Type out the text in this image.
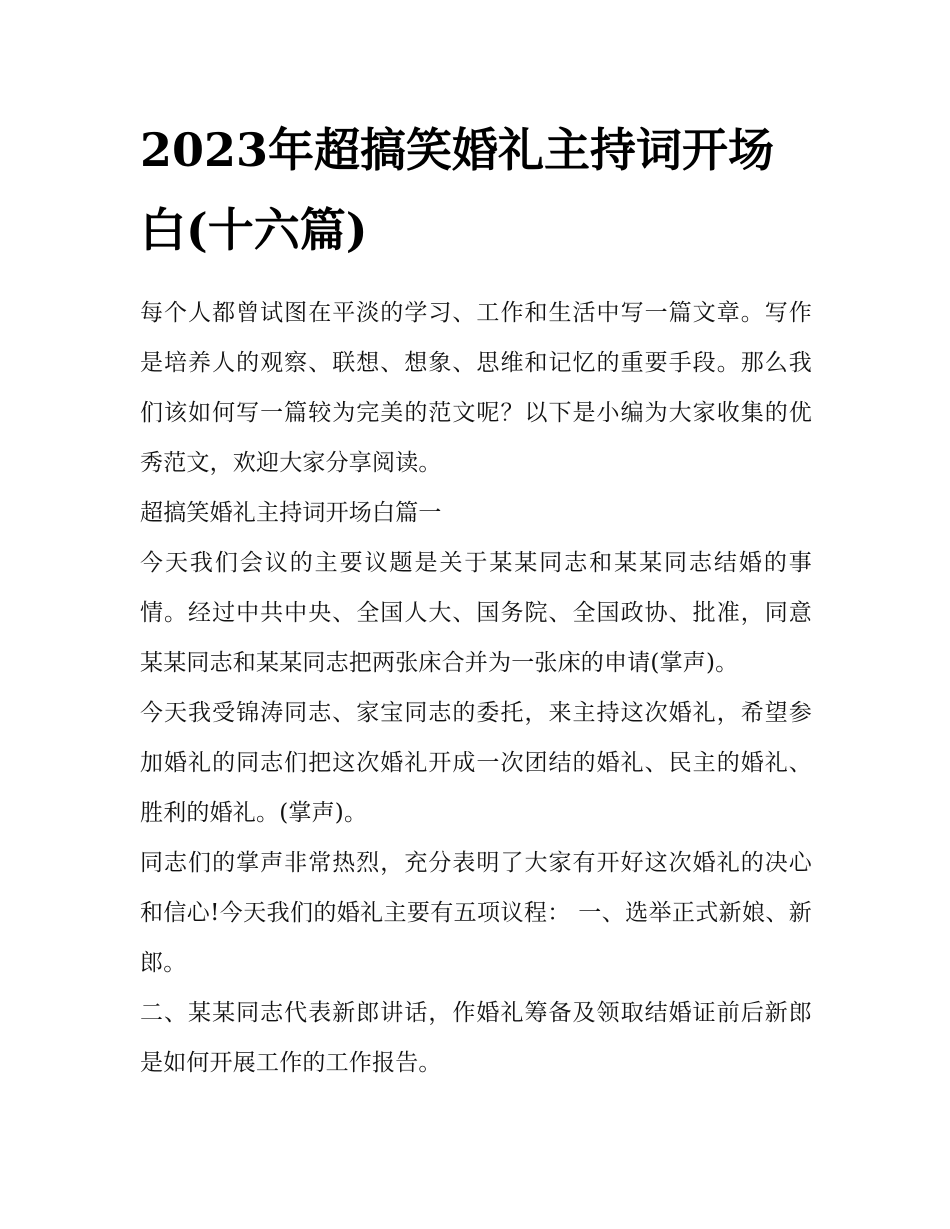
2023年超搞笑婚礼主持词开场白(十六篇)

每个人都曾试图在平淡的学习、工作和生活中写一篇文章。写作是培养人的观察、联想、想象、思维和记忆的重要手段。那么我们该如何写一篇较为完美的范文呢？以下是小编为大家收集的优秀范文，欢迎大家分享阅读。

超搞笑婚礼主持词开场白篇一

今天我们会议的主要议题是关于某某同志和某某同志结婚的事情。经过中共中央、全国人大、国务院、全国政协、批准，同意某某同志和某某同志把两张床合并为一张床的申请(掌声)。

今天我受锦涛同志、家宝同志的委托，来主持这次婚礼，希望参加婚礼的同志们把这次婚礼开成一次团结的婚礼、民主的婚礼、胜利的婚礼。(掌声)。

同志们的掌声非常热烈，充分表明了大家有开好这次婚礼的决心和信心!今天我们的婚礼主要有五项议程： 一、选举正式新娘、新郎。

二、某某同志代表新郎讲话，作婚礼筹备及领取结婚证前后新郎是如何开展工作的工作报告。
